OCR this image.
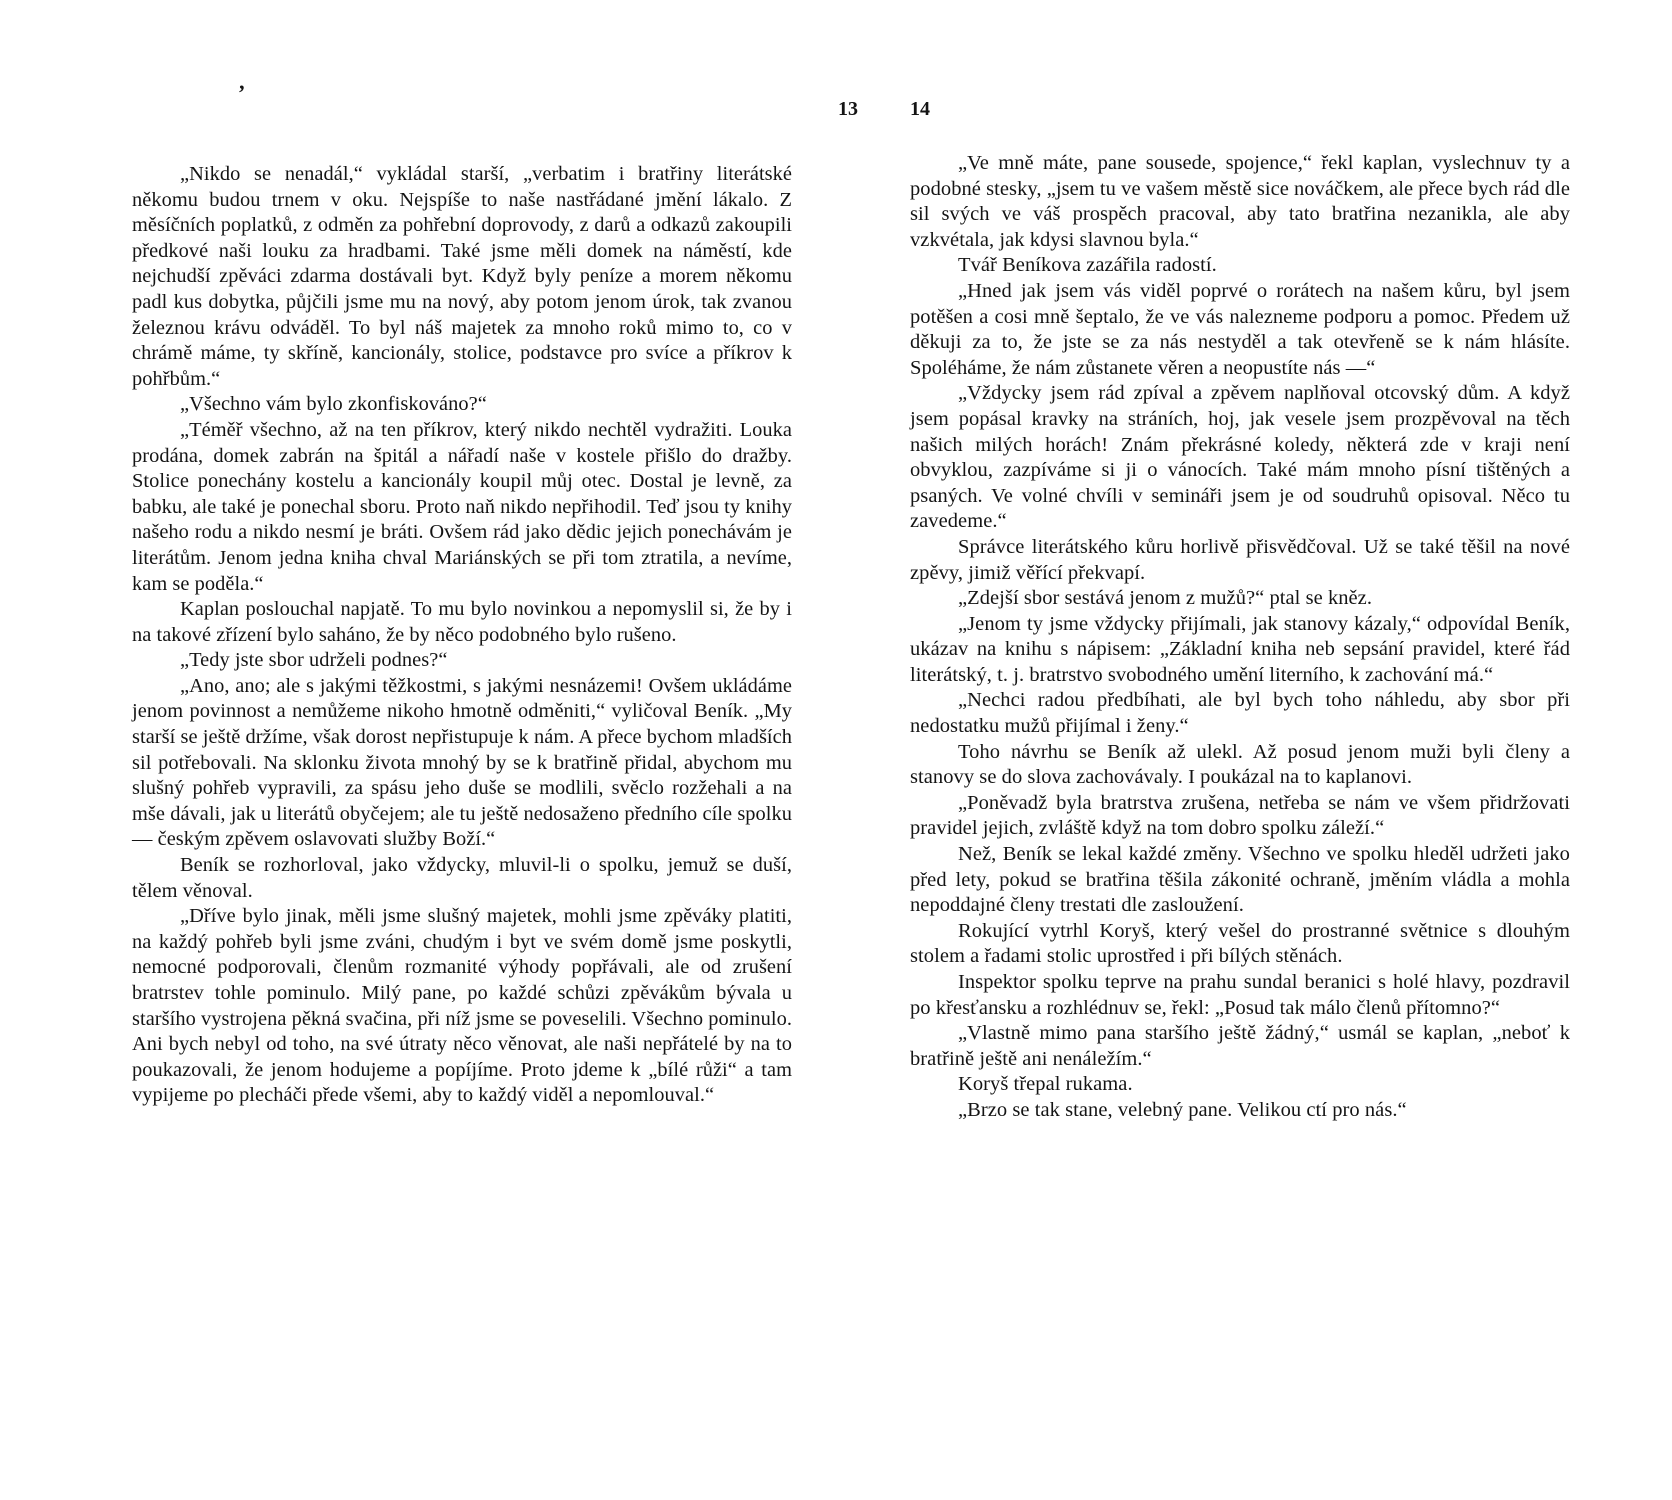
’
13

„Nikdo se nenadál,“ vykládal starší, „verbatim i bratřiny literátské někomu budou trnem v oku. Nejspíše to naše nastřádané jmění lákalo. Z měsíčních poplatků, z odměn za pohřební doprovody, z darů a odkazů zakoupili předkové naši louku za hradbami. Také jsme měli domek na náměstí, kde nejchudší zpěváci zdarma dostávali byt. Když byly peníze a morem někomu padl kus dobytka, půjčili jsme mu na nový, aby potom jenom úrok, tak zvanou železnou krávu odváděl. To byl náš majetek za mnoho roků mimo to, co v chrámě máme, ty skříně, kancionály, stolice, podstavce pro svíce a příkrov k pohřbům.“

„Všechno vám bylo zkonfiskováno?“

„Téměř všechno, až na ten příkrov, který nikdo nechtěl vydražiti. Louka prodána, domek zabrán na špitál a nářadí naše v kostele přišlo do dražby. Stolice ponechány kostelu a kancionály koupil můj otec. Dostal je levně, za babku, ale také je ponechal sboru. Proto naň nikdo nepřihodil. Teď jsou ty knihy našeho rodu a nikdo nesmí je bráti. Ovšem rád jako dědic jejich ponechávám je literátům. Jenom jedna kniha chval Mariánských se při tom ztratila, a nevíme, kam se poděla.“

Kaplan poslouchal napjatě. To mu bylo novinkou a nepomyslil si, že by i na takové zřízení bylo saháno, že by něco podobného bylo rušeno.

„Tedy jste sbor udrželi podnes?“

„Ano, ano; ale s jakými těžkostmi, s jakými nesnázemi! Ovšem ukládáme jenom povinnost a nemůžeme nikoho hmotně odměniti,“ vyličoval Beník. „My starší se ještě držíme, však dorost nepřistupuje k nám. A přece bychom mladších sil potřebovali. Na sklonku života mnohý by se k bratřině přidal, abychom mu slušný pohřeb vypravili, za spásu jeho duše se modlili, svěclo rozžehali a na mše dávali, jak u literátů obyčejem; ale tu ještě nedosaženo předního cíle spolku — českým zpěvem oslavovati služby Boží.“

Beník se rozhorloval, jako vždycky, mluvil-li o spolku, jemuž se duší, tělem věnoval.

„Dříve bylo jinak, měli jsme slušný majetek, mohli jsme zpěváky platiti, na každý pohřeb byli jsme zváni, chudým i byt ve svém domě jsme poskytli, nemocné podporovali, členům rozmanité výhody popřávali, ale od zrušení bratrstev tohle pominulo. Milý pane, po každé schůzi zpěvákům bývala u staršího vystrojena pěkná svačina, při níž jsme se poveselili. Všechno pominulo. Ani bych nebyl od toho, na své útraty něco věnovat, ale naši nepřátelé by na to poukazovali, že jenom hodujeme a popíjíme. Proto jdeme k „bílé růži“ a tam vypijeme po plecháči přede všemi, aby to každý viděl a nepomlouval.“

14

„Ve mně máte, pane sousede, spojence,“ řekl kaplan, vyslechnuv ty a podobné stesky, „jsem tu ve vašem městě sice nováčkem, ale přece bych rád dle sil svých ve váš prospěch pracoval, aby tato bratřina nezanikla, ale aby vzkvétala, jak kdysi slavnou byla.“

Tvář Beníkova zazářila radostí.

„Hned jak jsem vás viděl poprvé o rorátech na našem kůru, byl jsem potěšen a cosi mně šeptalo, že ve vás nalezneme podporu a pomoc. Předem už děkuji za to, že jste se za nás nestyděl a tak otevřeně se k nám hlásíte. Spoléháme, že nám zůstanete věren a neopustíte nás —“

„Vždycky jsem rád zpíval a zpěvem naplňoval otcovský dům. A když jsem popásal kravky na stráních, hoj, jak vesele jsem prozpěvoval na těch našich milých horách! Znám překrásné koledy, některá zde v kraji není obvyklou, zazpíváme si ji o vánocích. Také mám mnoho písní tištěných a psaných. Ve volné chvíli v semináři jsem je od soudruhů opisoval. Něco tu zavedeme.“

Správce literátského kůru horlivě přisvědčoval. Už se také těšil na nové zpěvy, jimiž věřící překvapí.

„Zdejší sbor sestává jenom z mužů?“ ptal se kněz.

„Jenom ty jsme vždycky přijímali, jak stanovy kázaly,“ odpovídal Beník, ukázav na knihu s nápisem: „Základní kniha neb sepsání pravidel, které řád literátský, t. j. bratrstvo svobodného umění literního, k zachování má.“

„Nechci radou předbíhati, ale byl bych toho náhledu, aby sbor při nedostatku mužů přijímal i ženy.“

Toho návrhu se Beník až ulekl. Až posud jenom muži byli členy a stanovy se do slova zachovávaly. I poukázal na to kaplanovi.

„Poněvadž byla bratrstva zrušena, netřeba se nám ve všem přidržovati pravidel jejich, zvláště když na tom dobro spolku záleží.“

Než, Beník se lekal každé změny. Všechno ve spolku hleděl udržeti jako před lety, pokud se bratřina těšila zákonité ochraně, jměním vládla a mohla nepoddajné členy trestati dle zasloužení.

Rokující vytrhl Koryš, který vešel do prostranné světnice s dlouhým stolem a řadami stolic uprostřed i při bílých stěnách.

Inspektor spolku teprve na prahu sundal beranici s holé hlavy, pozdravil po křesťansku a rozhlédnuv se, řekl: „Posud tak málo členů přítomno?“

„Vlastně mimo pana staršího ještě žádný,“ usmál se kaplan, „neboť k bratřině ještě ani nenáležím.“

Koryš třepal rukama.

„Brzo se tak stane, velebný pane. Velikou ctí pro nás.“
